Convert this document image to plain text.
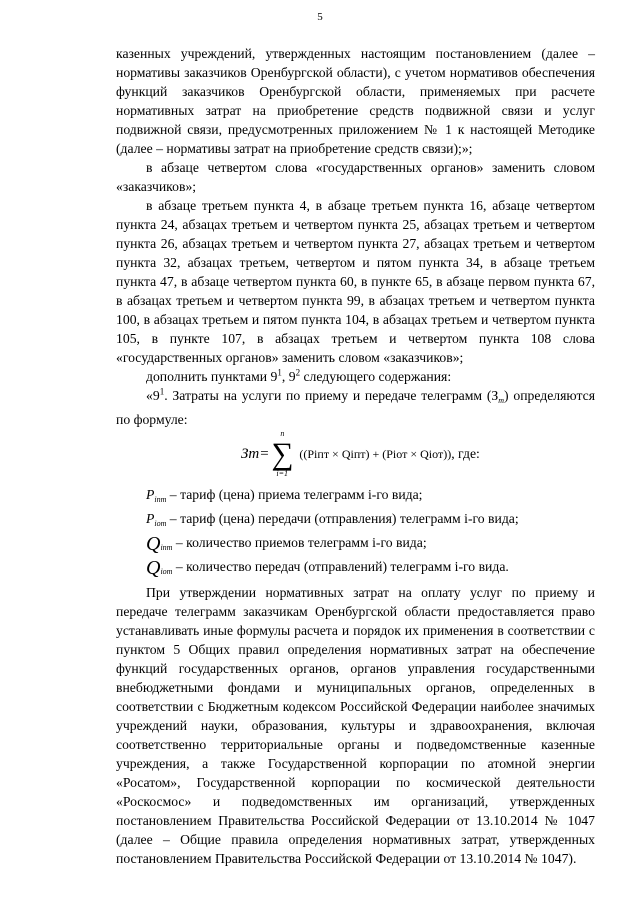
5

казенных учреждений, утвержденных настоящим постановлением (далее – нормативы заказчиков Оренбургской области), с учетом нормативов обеспечения функций заказчиков Оренбургской области, применяемых при расчете нормативных затрат на приобретение средств подвижной связи и услуг подвижной связи, предусмотренных приложением № 1 к настоящей Методике (далее – нормативы затрат на приобретение средств связи);»;

в абзаце четвертом слова «государственных органов» заменить словом «заказчиков»;

в абзаце третьем пункта 4, в абзаце третьем пункта 16, абзаце четвертом пункта 24, абзацах третьем и четвертом пункта 25, абзацах третьем и четвертом пункта 26, абзацах третьем и четвертом пункта 27, абзацах третьем и четвертом пункта 32, абзацах третьем, четвертом и пятом пункта 34, в абзаце третьем пункта 47, в абзаце четвертом пункта 60, в пункте 65, в абзаце первом пункта 67, в абзацах третьем и четвертом пункта 99, в абзацах третьем и четвертом пункта 100, в абзацах третьем и пятом пункта 104, в абзацах третьем и четвертом пункта 105, в пункте 107, в абзацах третьем и четвертом пункта 108 слова «государственных органов» заменить словом «заказчиков»;

дополнить пунктами $9^1$, $9^2$ следующего содержания:

«$9^1$. Затраты на услуги по приему и передаче телеграмм $(З_т)$ определяются по формуле:

Зт=
n
∑
i=1
((Pіпт × Qіпт) + (Pіот × Qіот)), где:

$P_{iпт}$ – тариф (цена) приема телеграмм i-го вида;

$P_{iот}$ – тариф (цена) передачи (отправления) телеграмм i-го вида;

$Q_{iпт}$ – количество приемов телеграмм i-го вида;

$Q_{iот}$ – количество передач (отправлений) телеграмм i-го вида.

При утверждении нормативных затрат на оплату услуг по приему и передаче телеграмм заказчикам Оренбургской области предоставляется право устанавливать иные формулы расчета и порядок их применения в соответствии с пунктом 5 Общих правил определения нормативных затрат на обеспечение функций государственных органов, органов управления государственными внебюджетными фондами и муниципальных органов, определенных в соответствии с Бюджетным кодексом Российской Федерации наиболее значимых учреждений науки, образования, культуры и здравоохранения, включая соответственно территориальные органы и подведомственные казенные учреждения, а также Государственной корпорации по атомной энергии «Росатом», Государственной корпорации по космической деятельности «Роскосмос» и подведомственных им организаций, утвержденных постановлением Правительства Российской Федерации от 13.10.2014 № 1047 (далее – Общие правила определения нормативных затрат, утвержденных постановлением Правительства Российской Федерации от 13.10.2014 № 1047).
